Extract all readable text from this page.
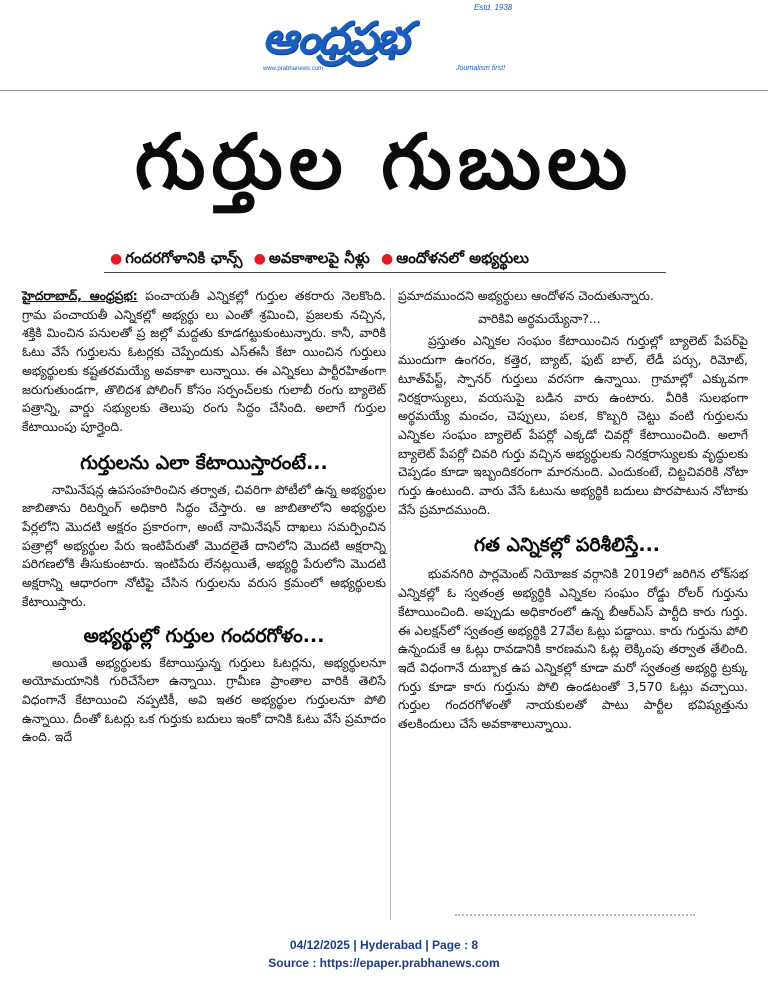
Estd. 1938
ఆంధ్రప్రభ
www.prabhanews.com	Journalism first!
గుర్తుల గుబులు
● గందరగోళానికి ఛాన్స్ ● అవకాశాలపై నీళ్లు ● ఆందోళనలో అభ్యర్థులు

హైదరాబాద్, ఆంధ్రప్రభ: పంచాయతీ ఎన్నికల్లో గుర్తుల తకరారు నెలకొంది. గ్రామ పంచాయతీ ఎన్నికల్లో అభ్యర్థు లు ఎంతో శ్రమించి, ప్రజలకు నచ్చిన, శక్తికి మించిన పనులతో ప్ర జల్లో మద్దతు కూడగట్టుకుంటున్నారు. కానీ, వారికి ఓటు వేసే గుర్తులను ఓటర్లకు చెప్పేందుకు ఎస్ఈసీ కేటా యించిన గుర్తులు అభ్యర్థులకు కష్టతరమయ్యే అవకాశా లున్నాయి. ఈ ఎన్నికలు పార్టీరహితంగా జరుగుతుండగా, తొలిదశ పోలింగ్ కోసం సర్పంచ్‌లకు గులాబీ రంగు బ్యాలెట్ పత్రాన్ని, వార్డు సభ్యులకు తెలుపు రంగు సిద్ధం చేసింది. అలాగే గుర్తుల కేటాయింపు పూర్తైంది.

గుర్తులను ఎలా కేటాయిస్తారంటే...

నామినేషన్ల ఉపసంహరించిన తర్వాత, చివరిగా పోటీలో ఉన్న అభ్యర్థుల జాబితాను రిటర్నింగ్ అధికారి సిద్ధం చేస్తారు. ఆ జాబితాలోని అభ్యర్థుల పేర్లలోని మొదటి అక్షరం ప్రకారంగా, అంటే నామినేషన్ దాఖలు సమర్పించిన పత్రాల్లో అభ్యర్థుల పేరు ఇంటిపేరుతో మొదలైతే దానిలోని మొదటి అక్షరాన్ని పరిగణలోకి తీసుకుంటారు. ఇంటిపేరు లేనట్లయితే, అభ్యర్థి పేరులోని మొదటి అక్షరాన్ని ఆధారంగా నోటిఫై చేసిన గుర్తులను వరుస క్రమంలో అభ్యర్థులకు కేటాయిస్తారు.

అభ్యర్థుల్లో గుర్తుల గందరగోళం...

అయితే అభ్యర్థులకు కేటాయిస్తున్న గుర్తులు ఓటర్లను, అభ్యర్థులనూ అయోమయానికి గురిచేసేలా ఉన్నాయి. గ్రామీణ ప్రాంతాల వారికి తెలిసే విధంగానే కేటాయించి నప్పటికీ, అవి ఇతర అభ్యర్థుల గుర్తులనూ పోలి ఉన్నాయి. దీంతో ఓటర్లు ఒక గుర్తుకు బదులు ఇంకో దానికి ఓటు వేసే ప్రమాదం ఉంది. ఇదే

ప్రమాదముందని అభ్యర్థులు ఆందోళన చెందుతున్నారు.

వారికివి అర్థమయ్యేనా?...

ప్రస్తుతం ఎన్నికల సంఘం కేటాయించిన గుర్తుల్లో బ్యాలెట్ పేపర్‌పై ముందుగా ఉంగరం, కత్తెర, బ్యాట్, ఫుట్ బాల్, లేడీ పర్సు, రిమోట్, టూత్‌పేస్ట్, స్పానర్ గుర్తులు వరసగా ఉన్నాయి. గ్రామాల్లో ఎక్కువగా నిరక్షరాస్యులు, వయసుపై బడిన వారు ఉంటారు. వీరికి సులభంగా అర్థమయ్యే మంచం, చెప్పులు, పలక, కొబ్బరి చెట్టు వంటి గుర్తులను ఎన్నికల సంఘం బ్యాలెట్ పేపర్లో ఎక్కడో చివర్లో కేటాయించింది. అలాగే బ్యాలెట్ పేపర్లో చివరి గుర్తు వచ్చిన అభ్యర్థులకు నిరక్షరాస్యులకు వృద్ధులకు చెప్పడం కూడా ఇబ్బందికరంగా మారనుంది. ఎందుకంటే, చిట్టచివరికి నోటా గుర్తు ఉంటుంది. వారు వేసే ఓటును అభ్యర్థికి బదులు పొరపాటున నోటాకు వేసే ప్రమాదముంది.

గత ఎన్నికల్లో పరిశీలిస్తే...

భువనగిరి పార్లమెంట్ నియోజక వర్గానికి 2019లో జరిగిన లోక్‌సభ ఎన్నికల్లో ఓ స్వతంత్ర అభ్యర్థికి ఎన్నికల సంఘం రోడ్డు రోలర్ గుర్తును కేటాయించింది. అప్పుడు అధికారంలో ఉన్న బీఆర్ఎస్ పార్టీది కారు గుర్తు. ఈ ఎలక్షన్‌లో స్వతంత్ర అభ్యర్థికి 27వేల ఓట్లు పడ్డాయి. కారు గుర్తును పోలి ఉన్నందుకే ఆ ఓట్లు రావడానికి కారణమని ఓట్ల లెక్కింపు తర్వాత తేలింది. ఇదే విధంగానే దుబ్బాక ఉప ఎన్నికల్లో కూడా మరో స్వతంత్ర అభ్యర్థి ట్రక్కు గుర్తు కూడా కారు గుర్తును పోలి ఉండటంతో 3,570 ఓట్లు వచ్చాయి. గుర్తుల గందరగోళంతో నాయకులతో పాటు పార్టీల భవిష్యత్తును తలకిందులు చేసే అవకాశాలున్నాయి.

04/12/2025 | Hyderabad | Page : 8
Source : https://epaper.prabhanews.com
